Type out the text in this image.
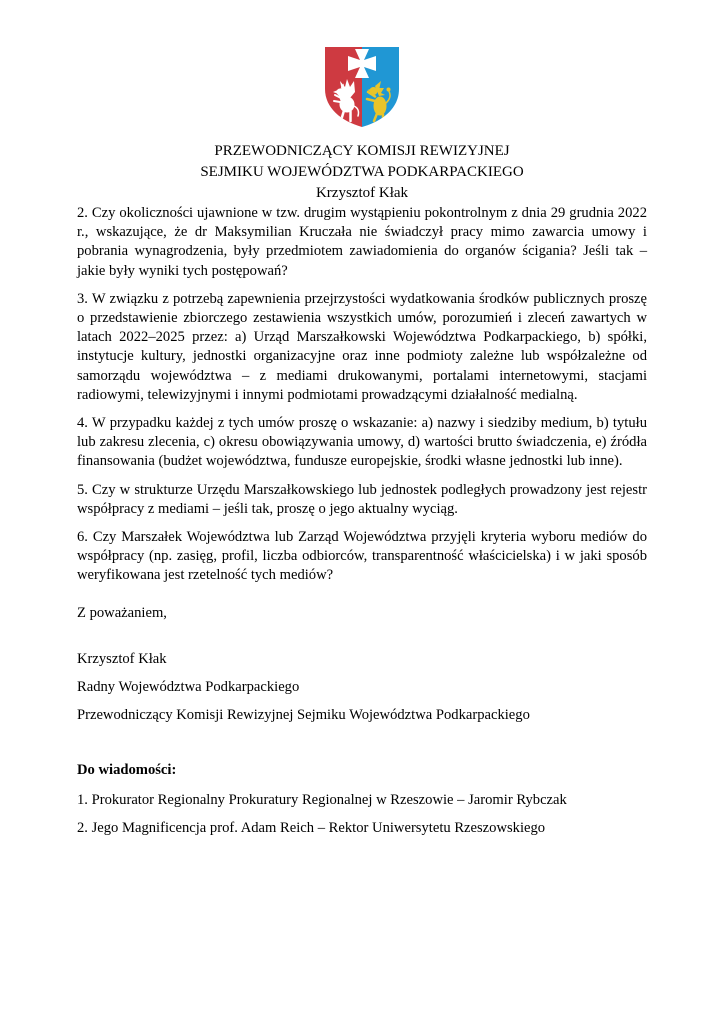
PRZEWODNICZĄCY KOMISJI REWIZYJNEJ
SEJMIKU WOJEWÓDZTWA PODKARPACKIEGO
Krzysztof Kłak

2. Czy okoliczności ujawnione w tzw. drugim wystąpieniu pokontrolnym z dnia 29 grudnia 2022 r., wskazujące, że dr Maksymilian Kruczała nie świadczył pracy mimo zawarcia umowy i pobrania wynagrodzenia, były przedmiotem zawiadomienia do organów ścigania? Jeśli tak – jakie były wyniki tych postępowań?

3. W związku z potrzebą zapewnienia przejrzystości wydatkowania środków publicznych proszę o przedstawienie zbiorczego zestawienia wszystkich umów, porozumień i zleceń zawartych w latach 2022–2025 przez: a) Urząd Marszałkowski Województwa Podkarpackiego, b) spółki, instytucje kultury, jednostki organizacyjne oraz inne podmioty zależne lub współzależne od samorządu województwa – z mediami drukowanymi, portalami internetowymi, stacjami radiowymi, telewizyjnymi i innymi podmiotami prowadzącymi działalność medialną.

4. W przypadku każdej z tych umów proszę o wskazanie: a) nazwy i siedziby medium, b) tytułu lub zakresu zlecenia, c) okresu obowiązywania umowy, d) wartości brutto świadczenia, e) źródła finansowania (budżet województwa, fundusze europejskie, środki własne jednostki lub inne).

5. Czy w strukturze Urzędu Marszałkowskiego lub jednostek podległych prowadzony jest rejestr współpracy z mediami – jeśli tak, proszę o jego aktualny wyciąg.

6. Czy Marszałek Województwa lub Zarząd Województwa przyjęli kryteria wyboru mediów do współpracy (np. zasięg, profil, liczba odbiorców, transparentność właścicielska) i w jaki sposób weryfikowana jest rzetelność tych mediów?

Z poważaniem,

Krzysztof Kłak

Radny Województwa Podkarpackiego

Przewodniczący Komisji Rewizyjnej Sejmiku Województwa Podkarpackiego

Do wiadomości:

1. Prokurator Regionalny Prokuratury Regionalnej w Rzeszowie – Jaromir Rybczak

2. Jego Magnificencja prof. Adam Reich – Rektor Uniwersytetu Rzeszowskiego
